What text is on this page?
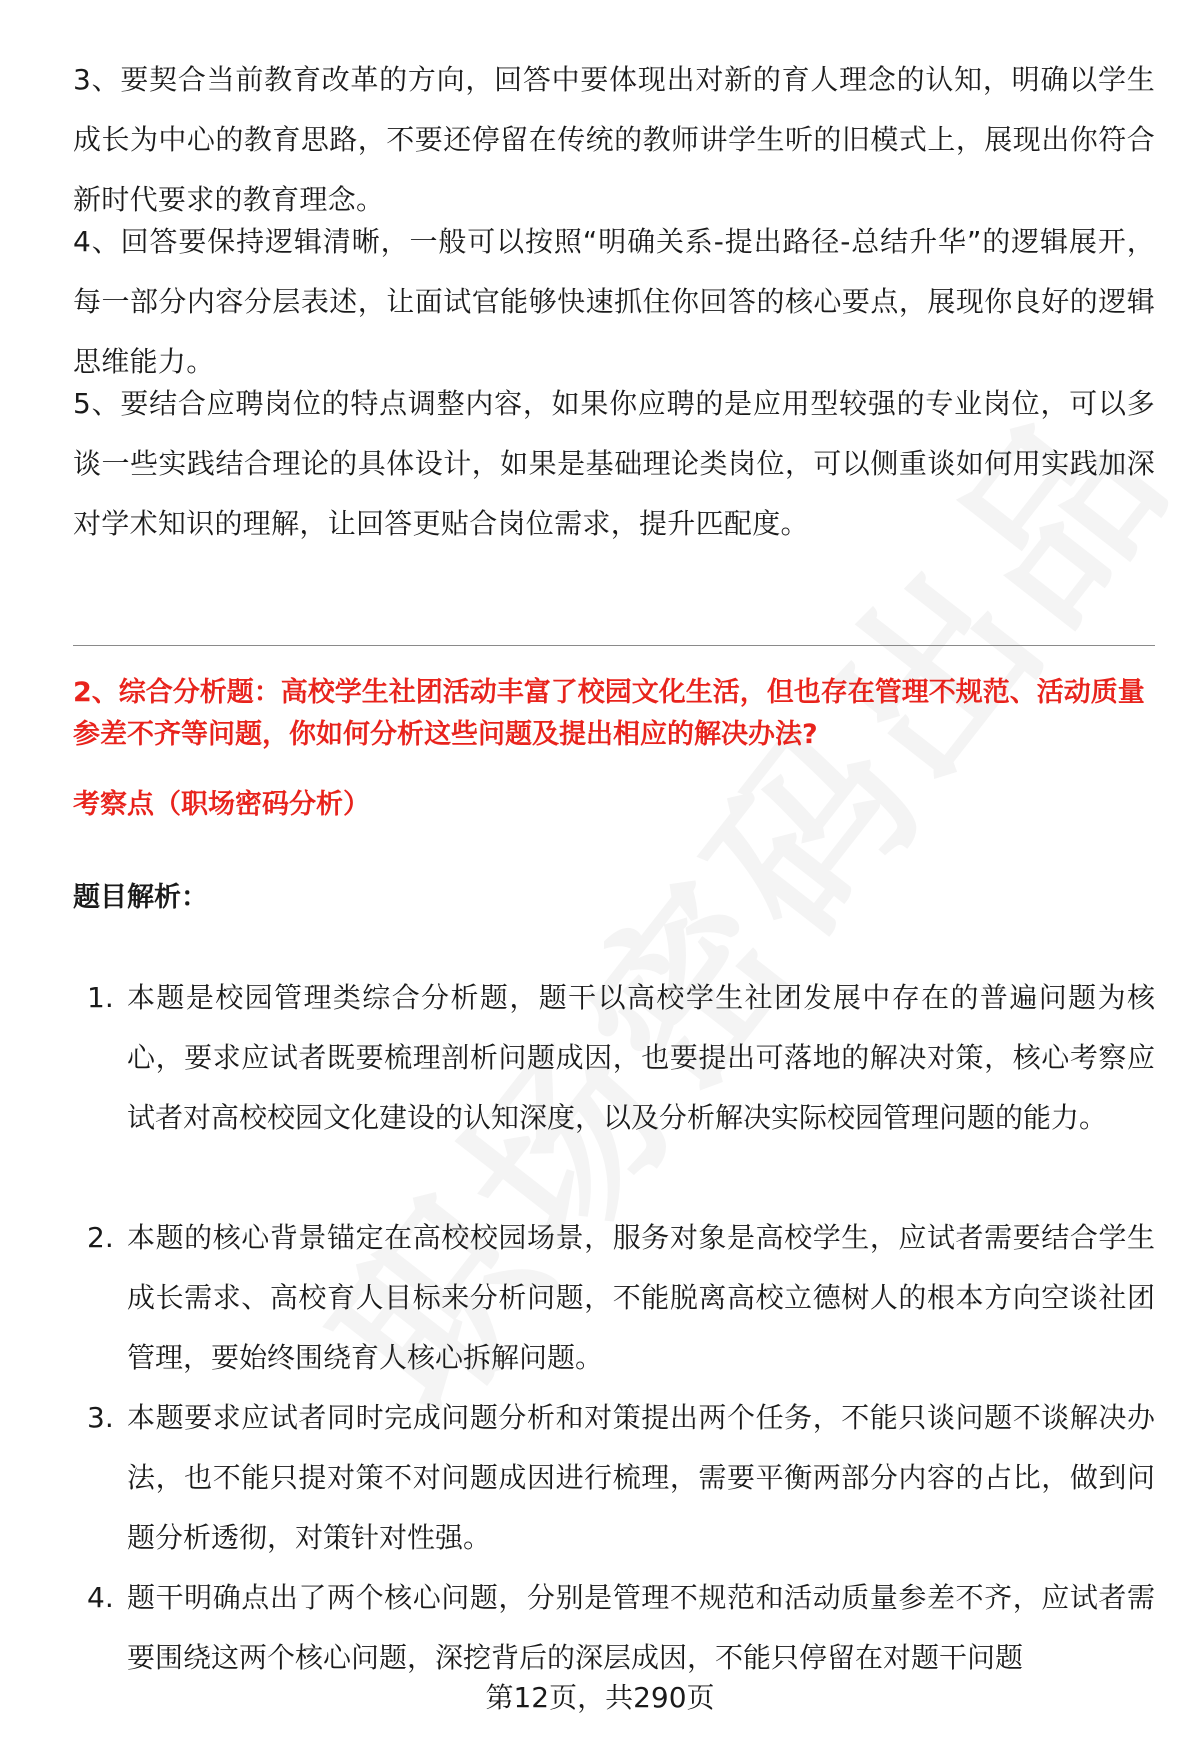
3、要契合当前教育改革的方向，回答中要体现出对新的育人理念的认知，明确以学生成长为中心的教育思路，不要还停留在传统的教师讲学生听的旧模式上，展现出你符合新时代要求的教育理念。

4、回答要保持逻辑清晰，一般可以按照“明确关系-提出路径-总结升华”的逻辑展开，每一部分内容分层表述，让面试官能够快速抓住你回答的核心要点，展现你良好的逻辑思维能力。

5、要结合应聘岗位的特点调整内容，如果你应聘的是应用型较强的专业岗位，可以多谈一些实践结合理论的具体设计，如果是基础理论类岗位，可以侧重谈如何用实践加深对学术知识的理解，让回答更贴合岗位需求，提升匹配度。

2、综合分析题：高校学生社团活动丰富了校园文化生活，但也存在管理不规范、活动质量参差不齐等问题，你如何分析这些问题及提出相应的解决办法?

考察点（职场密码分析）

题目解析：

1. 本题是校园管理类综合分析题，题干以高校学生社团发展中存在的普遍问题为核心，要求应试者既要梳理剖析问题成因，也要提出可落地的解决对策，核心考察应试者对高校校园文化建设的认知深度，以及分析解决实际校园管理问题的能力。
2. 本题的核心背景锚定在高校校园场景，服务对象是高校学生，应试者需要结合学生成长需求、高校育人目标来分析问题，不能脱离高校立德树人的根本方向空谈社团管理，要始终围绕育人核心拆解问题。
3. 本题要求应试者同时完成问题分析和对策提出两个任务，不能只谈问题不谈解决办法，也不能只提对策不对问题成因进行梳理，需要平衡两部分内容的占比，做到问题分析透彻，对策针对性强。
4. 题干明确点出了两个核心问题，分别是管理不规范和活动质量参差不齐，应试者需要围绕这两个核心问题，深挖背后的深层成因，不能只停留在对题干问题
第12页，共290页
